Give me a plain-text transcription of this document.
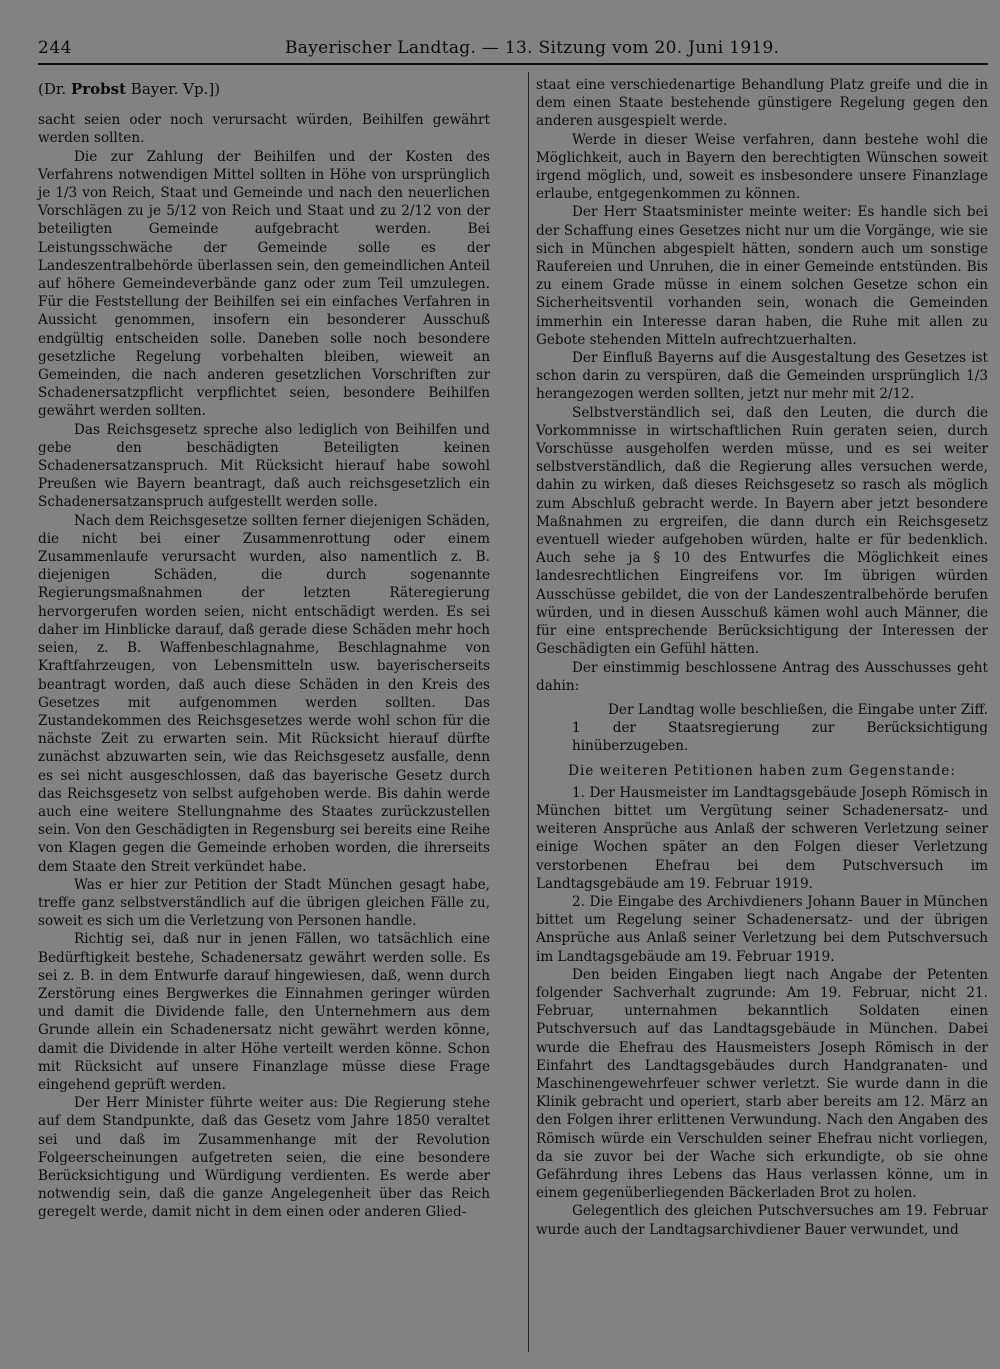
244	Bayerischer Landtag. — 13. Sitzung vom 20. Juni 1919.
(Dr. Probst Bayer. Vp.])

sacht seien oder noch verursacht würden, Beihilfen gewährt werden sollten.

Die zur Zahlung der Beihilfen und der Kosten des Verfahrens notwendigen Mittel sollten in Höhe von ursprünglich je 1/3 von Reich, Staat und Gemeinde und nach den neuerlichen Vorschlägen zu je 5/12 von Reich und Staat und zu 2/12 von der beteiligten Gemeinde aufgebracht werden. Bei Leistungsschwäche der Gemeinde solle es der Landeszentralbehörde überlassen sein, den gemeindlichen Anteil auf höhere Gemeindeverbände ganz oder zum Teil umzulegen. Für die Feststellung der Beihilfen sei ein einfaches Verfahren in Aussicht genommen, insofern ein besonderer Ausschuß endgültig entscheiden solle. Daneben solle noch besondere gesetzliche Regelung vorbehalten bleiben, wieweit an Gemeinden, die nach anderen gesetzlichen Vorschriften zur Schadenersatzpflicht verpflichtet seien, besondere Beihilfen gewährt werden sollten.

Das Reichsgesetz spreche also lediglich von Beihilfen und gebe den beschädigten Beteiligten keinen Schadenersatzanspruch. Mit Rücksicht hierauf habe sowohl Preußen wie Bayern beantragt, daß auch reichsgesetzlich ein Schadenersatzanspruch aufgestellt werden solle.

Nach dem Reichsgesetze sollten ferner diejenigen Schäden, die nicht bei einer Zusammenrottung oder einem Zusammenlaufe verursacht wurden, also namentlich z. B. diejenigen Schäden, die durch sogenannte Regierungsmaßnahmen der letzten Räteregierung hervorgerufen worden seien, nicht entschädigt werden. Es sei daher im Hinblicke darauf, daß gerade diese Schäden mehr hoch seien, z. B. Waffenbeschlagnahme, Beschlagnahme von Kraftfahrzeugen, von Lebensmitteln usw. bayerischerseits beantragt worden, daß auch diese Schäden in den Kreis des Gesetzes mit aufgenommen werden sollten. Das Zustandekommen des Reichsgesetzes werde wohl schon für die nächste Zeit zu erwarten sein. Mit Rücksicht hierauf dürfte zunächst abzuwarten sein, wie das Reichsgesetz ausfalle, denn es sei nicht ausgeschlossen, daß das bayerische Gesetz durch das Reichsgesetz von selbst aufgehoben werde. Bis dahin werde auch eine weitere Stellungnahme des Staates zurückzustellen sein. Von den Geschädigten in Regensburg sei bereits eine Reihe von Klagen gegen die Gemeinde erhoben worden, die ihrerseits dem Staate den Streit verkündet habe.

Was er hier zur Petition der Stadt München gesagt habe, treffe ganz selbstverständlich auf die übrigen gleichen Fälle zu, soweit es sich um die Verletzung von Personen handle.

Richtig sei, daß nur in jenen Fällen, wo tatsächlich eine Bedürftigkeit bestehe, Schadenersatz gewährt werden solle. Es sei z. B. in dem Entwurfe darauf hingewiesen, daß, wenn durch Zerstörung eines Bergwerkes die Einnahmen geringer würden und damit die Dividende falle, den Unternehmern aus dem Grunde allein ein Schadenersatz nicht gewährt werden könne, damit die Dividende in alter Höhe verteilt werden könne. Schon mit Rücksicht auf unsere Finanzlage müsse diese Frage eingehend geprüft werden.

Der Herr Minister führte weiter aus: Die Regierung stehe auf dem Standpunkte, daß das Gesetz vom Jahre 1850 veraltet sei und daß im Zusammenhange mit der Revolution Folgeerscheinungen aufgetreten seien, die eine besondere Berücksichtigung und Würdigung verdienten. Es werde aber notwendig sein, daß die ganze Angelegenheit über das Reich geregelt werde, damit nicht in dem einen oder anderen Glied-

staat eine verschiedenartige Behandlung Platz greife und die in dem einen Staate bestehende günstigere Regelung gegen den anderen ausgespielt werde.

Werde in dieser Weise verfahren, dann bestehe wohl die Möglichkeit, auch in Bayern den berechtigten Wünschen soweit irgend möglich, und, soweit es insbesondere unsere Finanzlage erlaube, entgegenkommen zu können.

Der Herr Staatsminister meinte weiter: Es handle sich bei der Schaffung eines Gesetzes nicht nur um die Vorgänge, wie sie sich in München abgespielt hätten, sondern auch um sonstige Raufereien und Unruhen, die in einer Gemeinde entstünden. Bis zu einem Grade müsse in einem solchen Gesetze schon ein Sicherheitsventil vorhanden sein, wonach die Gemeinden immerhin ein Interesse daran haben, die Ruhe mit allen zu Gebote stehenden Mitteln aufrechtzuerhalten.

Der Einfluß Bayerns auf die Ausgestaltung des Gesetzes ist schon darin zu verspüren, daß die Gemeinden ursprünglich 1/3 herangezogen werden sollten, jetzt nur mehr mit 2/12.

Selbstverständlich sei, daß den Leuten, die durch die Vorkommnisse in wirtschaftlichen Ruin geraten seien, durch Vorschüsse ausgeholfen werden müsse, und es sei weiter selbstverständlich, daß die Regierung alles versuchen werde, dahin zu wirken, daß dieses Reichsgesetz so rasch als möglich zum Abschluß gebracht werde. In Bayern aber jetzt besondere Maßnahmen zu ergreifen, die dann durch ein Reichsgesetz eventuell wieder aufgehoben würden, halte er für bedenklich. Auch sehe ja § 10 des Entwurfes die Möglichkeit eines landesrechtlichen Eingreifens vor. Im übrigen würden Ausschüsse gebildet, die von der Landeszentralbehörde berufen würden, und in diesen Ausschuß kämen wohl auch Männer, die für eine entsprechende Berücksichtigung der Interessen der Geschädigten ein Gefühl hätten.

Der einstimmig beschlossene Antrag des Ausschusses geht dahin:

Der Landtag wolle beschließen, die Eingabe unter Ziff. 1 der Staatsregierung zur Berücksichtigung hinüberzugeben.

Die weiteren Petitionen haben zum Gegenstande:

1. Der Hausmeister im Landtagsgebäude Joseph Römisch in München bittet um Vergütung seiner Schadenersatz- und weiteren Ansprüche aus Anlaß der schweren Verletzung seiner einige Wochen später an den Folgen dieser Verletzung verstorbenen Ehefrau bei dem Putschversuch im Landtagsgebäude am 19. Februar 1919.

2. Die Eingabe des Archivdieners Johann Bauer in München bittet um Regelung seiner Schadenersatz- und der übrigen Ansprüche aus Anlaß seiner Verletzung bei dem Putschversuch im Landtagsgebäude am 19. Februar 1919.

Den beiden Eingaben liegt nach Angabe der Petenten folgender Sachverhalt zugrunde: Am 19. Februar, nicht 21. Februar, unternahmen bekanntlich Soldaten einen Putschversuch auf das Landtagsgebäude in München. Dabei wurde die Ehefrau des Hausmeisters Joseph Römisch in der Einfahrt des Landtagsgebäudes durch Handgranaten- und Maschinengewehrfeuer schwer verletzt. Sie wurde dann in die Klinik gebracht und operiert, starb aber bereits am 12. März an den Folgen ihrer erlittenen Verwundung. Nach den Angaben des Römisch würde ein Verschulden seiner Ehefrau nicht vorliegen, da sie zuvor bei der Wache sich erkundigte, ob sie ohne Gefährdung ihres Lebens das Haus verlassen könne, um in einem gegenüberliegenden Bäckerladen Brot zu holen.

Gelegentlich des gleichen Putschversuches am 19. Februar wurde auch der Landtagsarchivdiener Bauer verwundet, und
